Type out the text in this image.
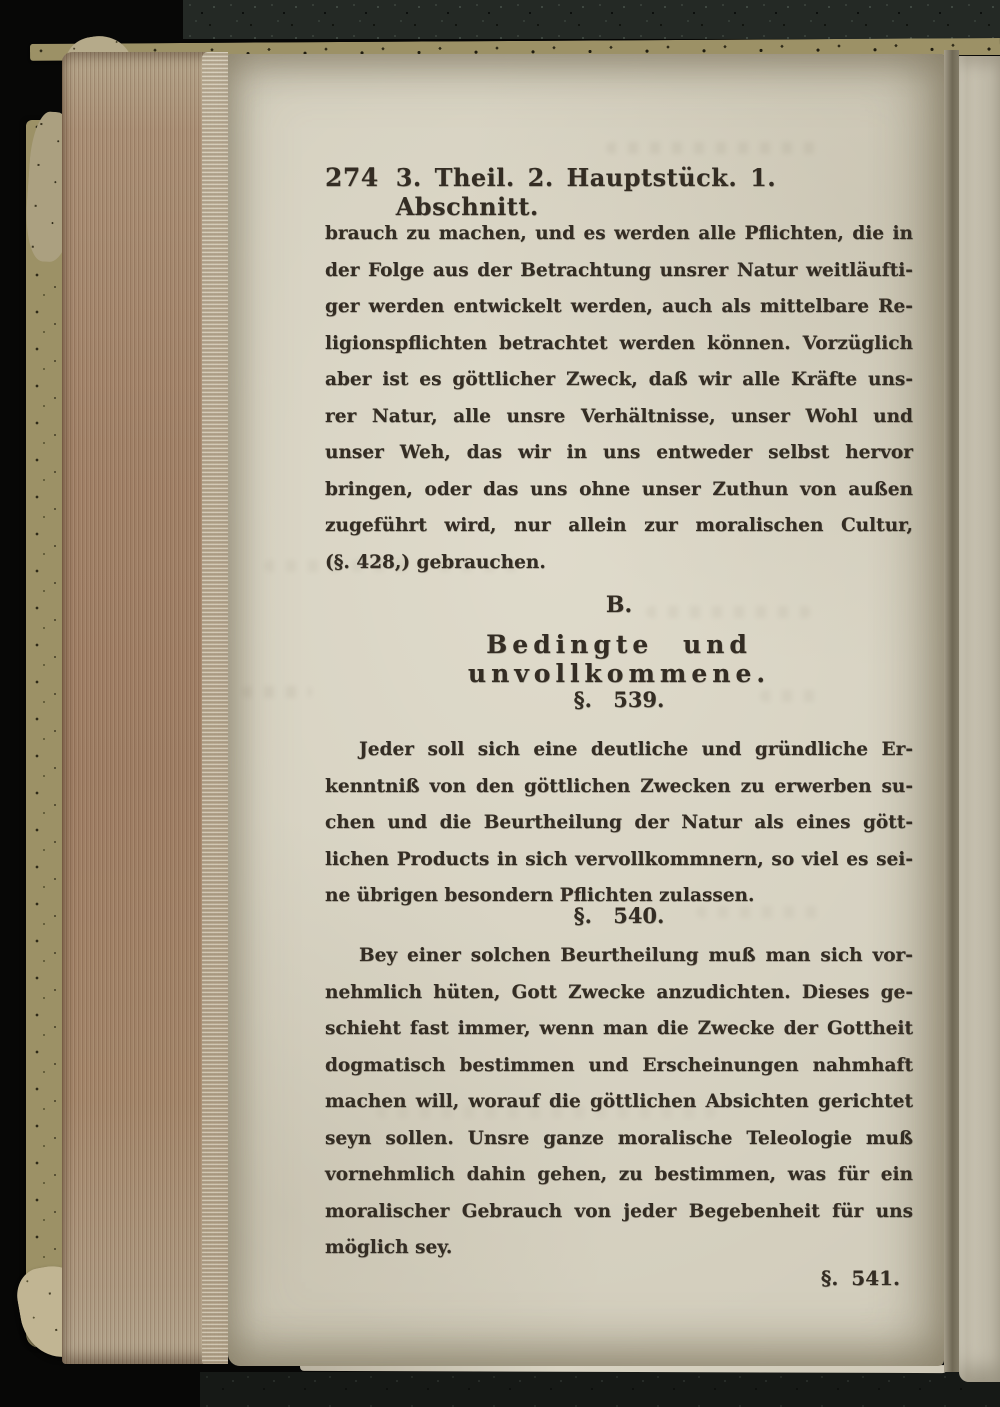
274 3. Theil. 2. Hauptstück. 1. Abschnitt.
brauch zu machen, und es werden alle Pflichten, die in
der Folge aus der Betrachtung unsrer Natur weitläufti-
ger werden entwickelt werden, auch als mittelbare Re-
ligionspflichten betrachtet werden können. Vorzüglich
aber ist es göttlicher Zweck, daß wir alle Kräfte uns-
rer Natur, alle unsre Verhältnisse, unser Wohl und
unser Weh, das wir in uns entweder selbst hervor
bringen, oder das uns ohne unser Zuthun von außen
zugeführt wird, nur allein zur moralischen Cultur,
(§. 428,) gebrauchen.
B.
Bedingte und unvollkommene.
§. 539.
Jeder soll sich eine deutliche und gründliche Er-
kenntniß von den göttlichen Zwecken zu erwerben su-
chen und die Beurtheilung der Natur als eines gött-
lichen Products in sich vervollkommnern, so viel es sei-
ne übrigen besondern Pflichten zulassen.
§. 540.
Bey einer solchen Beurtheilung muß man sich vor-
nehmlich hüten, Gott Zwecke anzudichten. Dieses ge-
schieht fast immer, wenn man die Zwecke der Gottheit
dogmatisch bestimmen und Erscheinungen nahmhaft
machen will, worauf die göttlichen Absichten gerichtet
seyn sollen. Unsre ganze moralische Teleologie muß
vornehmlich dahin gehen, zu bestimmen, was für ein
moralischer Gebrauch von jeder Begebenheit für uns
möglich sey.
§. 541.
